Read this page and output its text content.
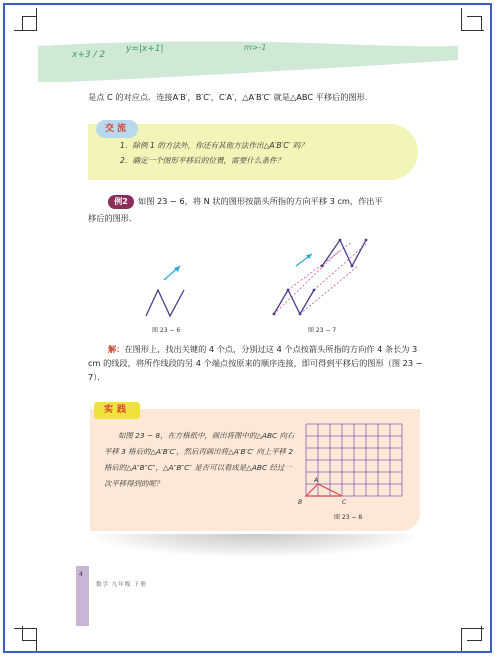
x+3 / 2
y=|x+1|	m>-1
是点 C 的对应点．连接A′B′，B′C′，C′A′，△A′B′C′ 就是△ABC 平移后的图形．
1．除例 1 的方法外，你还有其他方法作出△A′B′C′ 吗？
2．确定一个图形平移后的位置，需要什么条件？
交流
例2	如图 23 − 6，将 N 状的图形按箭头所指的方向平移 3 cm，作出平
移后的图形．
图 23 − 6	图 23 − 7
解：在图形上，找出关键的 4 个点，分别过这 4 个点按箭头所指的方向作 4 条长为 3 cm 的线段，将所作线段的另 4 个端点按原来的顺序连接，即可得到平移后的图形（图 23 − 7）．
实践
如图 23 − 8，在方格纸中，画出将图中的△ABC 向右平移 3 格后的△A′B′C′，然后再画出将△A′B′C′ 向上平移 2 格后的△A″B″C″，△A″B″C″ 是否可以看成是△ABC 经过一次平移得到的呢？	A
B	C
图 23 − 8
4
数学 九年级 下册
